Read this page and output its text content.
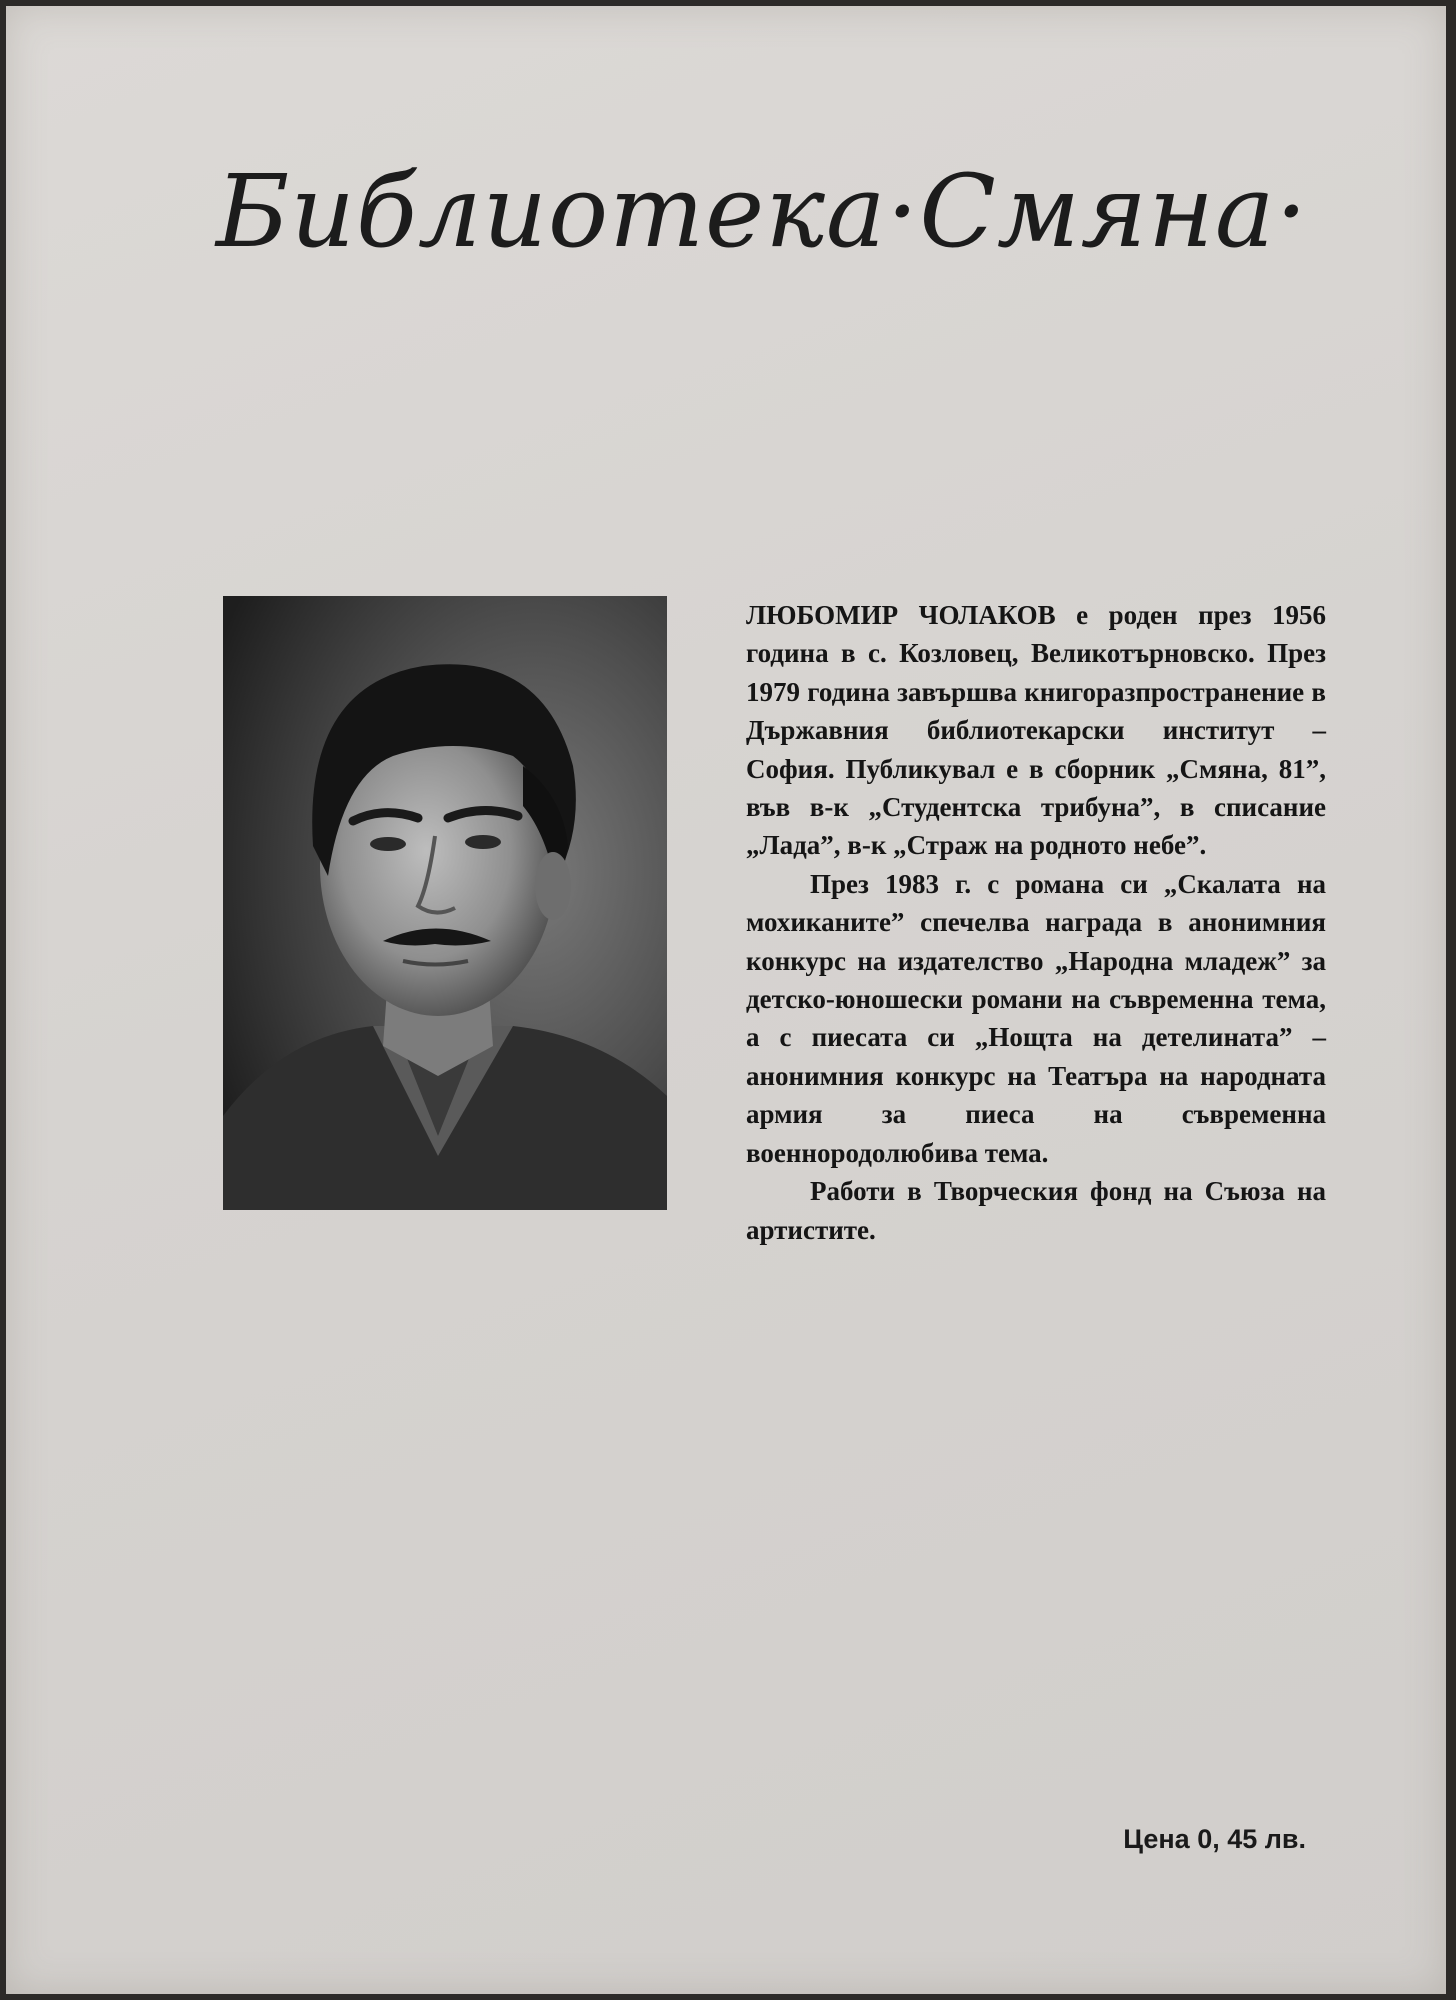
Библиотека·Смяна·

ЛЮБОМИР ЧОЛАКОВ е роден през 1956 година в с. Козловец, Великотърновско. През 1979 година завършва книгоразпространение в Държавния библиотекарски институт – София. Публикувал е в сборник „Смяна, 81”, във в-к „Студентска трибуна”, в списание „Лада”, в-к „Страж на родното небе”.

През 1983 г. с романа си „Скалата на мохиканите” спечелва награда в анонимния конкурс на издателство „Народна младеж” за детско-юношески романи на съвременна тема, а с пиесата си „Нощта на детелината” – анонимния конкурс на Театъра на народната армия за пиеса на съвременна военнородолюбива тема.

Работи в Творческия фонд на Съюза на артистите.

Цена 0, 45 лв.
